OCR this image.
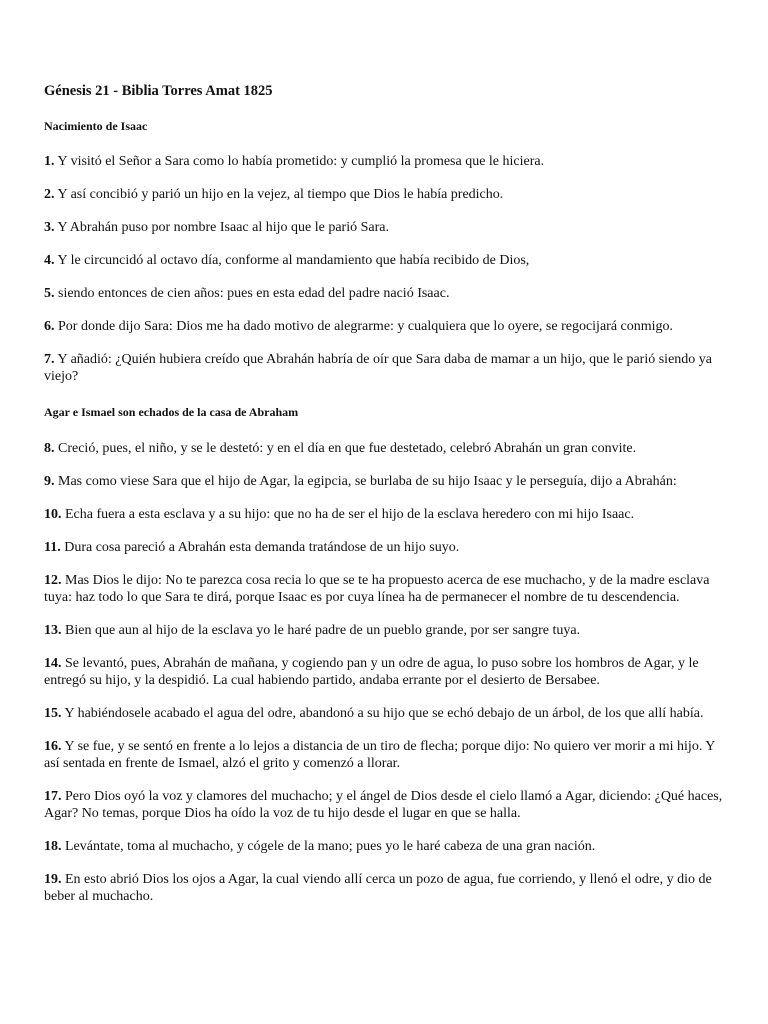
Génesis 21 - Biblia Torres Amat 1825
Nacimiento de Isaac

1. Y visitó el Señor a Sara como lo había prometido: y cumplió la promesa que le hiciera.

2. Y así concibió y parió un hijo en la vejez, al tiempo que Dios le había predicho.

3. Y Abrahán puso por nombre Isaac al hijo que le parió Sara.

4. Y le circuncidó al octavo día, conforme al mandamiento que había recibido de Dios,

5. siendo entonces de cien años: pues en esta edad del padre nació Isaac.

6. Por donde dijo Sara: Dios me ha dado motivo de alegrarme: y cualquiera que lo oyere, se regocijará conmigo.

7. Y añadió: ¿Quién hubiera creído que Abrahán habría de oír que Sara daba de mamar a un hijo, que le parió siendo ya viejo?

Agar e Ismael son echados de la casa de Abraham

8. Creció, pues, el niño, y se le destetó: y en el día en que fue destetado, celebró Abrahán un gran convite.

9. Mas como viese Sara que el hijo de Agar, la egipcia, se burlaba de su hijo Isaac y le perseguía, dijo a Abrahán:

10. Echa fuera a esta esclava y a su hijo: que no ha de ser el hijo de la esclava heredero con mi hijo Isaac.

11. Dura cosa pareció a Abrahán esta demanda tratándose de un hijo suyo.

12. Mas Dios le dijo: No te parezca cosa recia lo que se te ha propuesto acerca de ese muchacho, y de la madre esclava tuya: haz todo lo que Sara te dirá, porque Isaac es por cuya línea ha de permanecer el nombre de tu descendencia.

13. Bien que aun al hijo de la esclava yo le haré padre de un pueblo grande, por ser sangre tuya.

14. Se levantó, pues, Abrahán de mañana, y cogiendo pan y un odre de agua, lo puso sobre los hombros de Agar, y le entregó su hijo, y la despidió. La cual habiendo partido, andaba errante por el desierto de Bersabee.

15. Y habiéndosele acabado el agua del odre, abandonó a su hijo que se echó debajo de un árbol, de los que allí había.

16. Y se fue, y se sentó en frente a lo lejos a distancia de un tiro de flecha; porque dijo: No quiero ver morir a mi hijo. Y así sentada en frente de Ismael, alzó el grito y comenzó a llorar.

17. Pero Dios oyó la voz y clamores del muchacho; y el ángel de Dios desde el cielo llamó a Agar, diciendo: ¿Qué haces, Agar? No temas, porque Dios ha oído la voz de tu hijo desde el lugar en que se halla.

18. Levántate, toma al muchacho, y cógele de la mano; pues yo le haré cabeza de una gran nación.

19. En esto abrió Dios los ojos a Agar, la cual viendo allí cerca un pozo de agua, fue corriendo, y llenó el odre, y dio de beber al muchacho.
